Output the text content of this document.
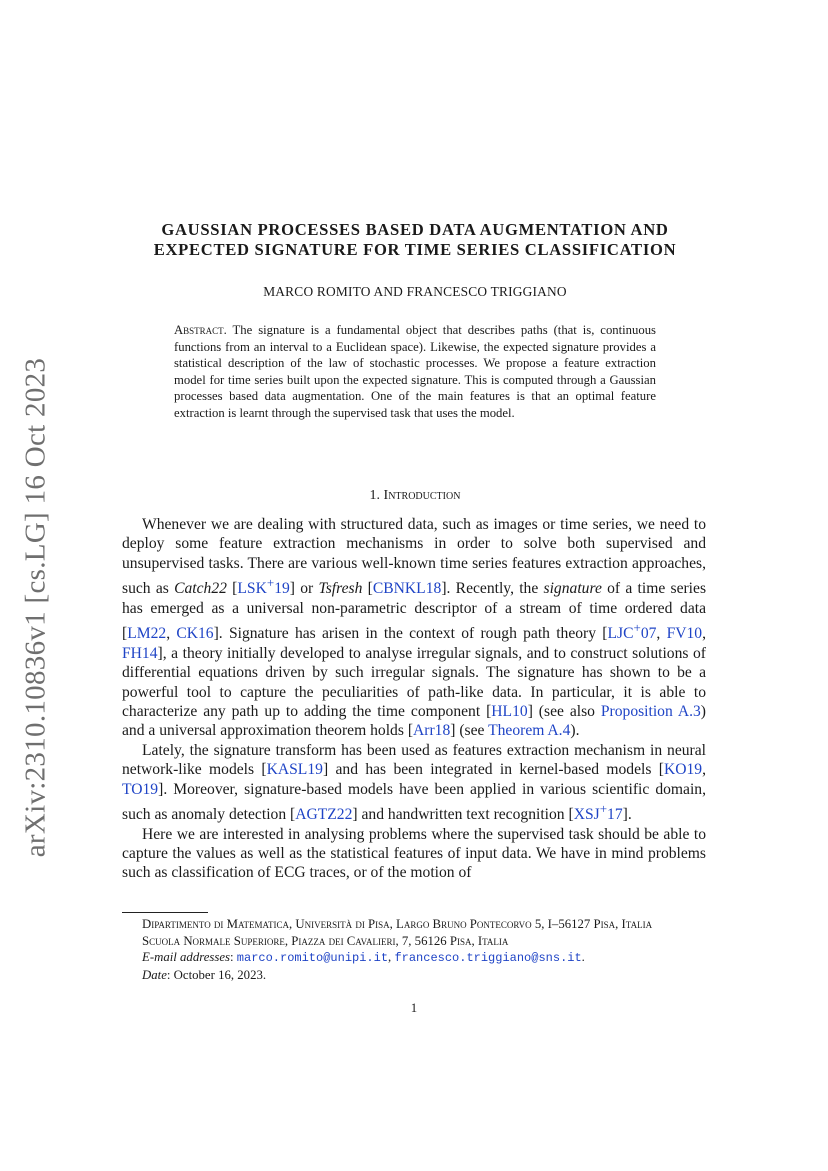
arXiv:2310.10836v1 [cs.LG] 16 Oct 2023
GAUSSIAN PROCESSES BASED DATA AUGMENTATION AND
EXPECTED SIGNATURE FOR TIME SERIES CLASSIFICATION
MARCO ROMITO AND FRANCESCO TRIGGIANO
Abstract. The signature is a fundamental object that describes paths (that is, continuous functions from an interval to a Euclidean space). Likewise, the expected signature provides a statistical description of the law of stochastic processes. We propose a feature extraction model for time series built upon the expected signature. This is computed through a Gaussian processes based data augmentation. One of the main features is that an optimal feature extraction is learnt through the supervised task that uses the model.
1. Introduction

Whenever we are dealing with structured data, such as images or time series, we need to deploy some feature extraction mechanisms in order to solve both supervised and unsupervised tasks. There are various well-known time series features extraction approaches, such as Catch22 [LSK+19] or Tsfresh [CBNKL18]. Recently, the signature of a time series has emerged as a universal non-parametric descriptor of a stream of time ordered data [LM22, CK16]. Signature has arisen in the context of rough path theory [LJC+07, FV10, FH14], a theory initially developed to analyse irregular signals, and to construct solutions of differential equations driven by such irregular signals. The signature has shown to be a powerful tool to capture the peculiarities of path-like data. In particular, it is able to characterize any path up to adding the time component [HL10] (see also Proposition A.3) and a universal approximation theorem holds [Arr18] (see Theorem A.4).

Lately, the signature transform has been used as features extraction mechanism in neural network-like models [KASL19] and has been integrated in kernel-based models [KO19, TO19]. Moreover, signature-based models have been applied in various scientific domain, such as anomaly detection [AGTZ22] and handwritten text recognition [XSJ+17].

Here we are interested in analysing problems where the supervised task should be able to capture the values as well as the statistical features of input data. We have in mind problems such as classification of ECG traces, or of the motion of

Dipartimento di Matematica, Università di Pisa, Largo Bruno Pontecorvo 5, I–56127 Pisa, Italia
Scuola Normale Superiore, Piazza dei Cavalieri, 7, 56126 Pisa, Italia
E-mail addresses: marco.romito@unipi.it, francesco.triggiano@sns.it.
Date: October 16, 2023.
1
